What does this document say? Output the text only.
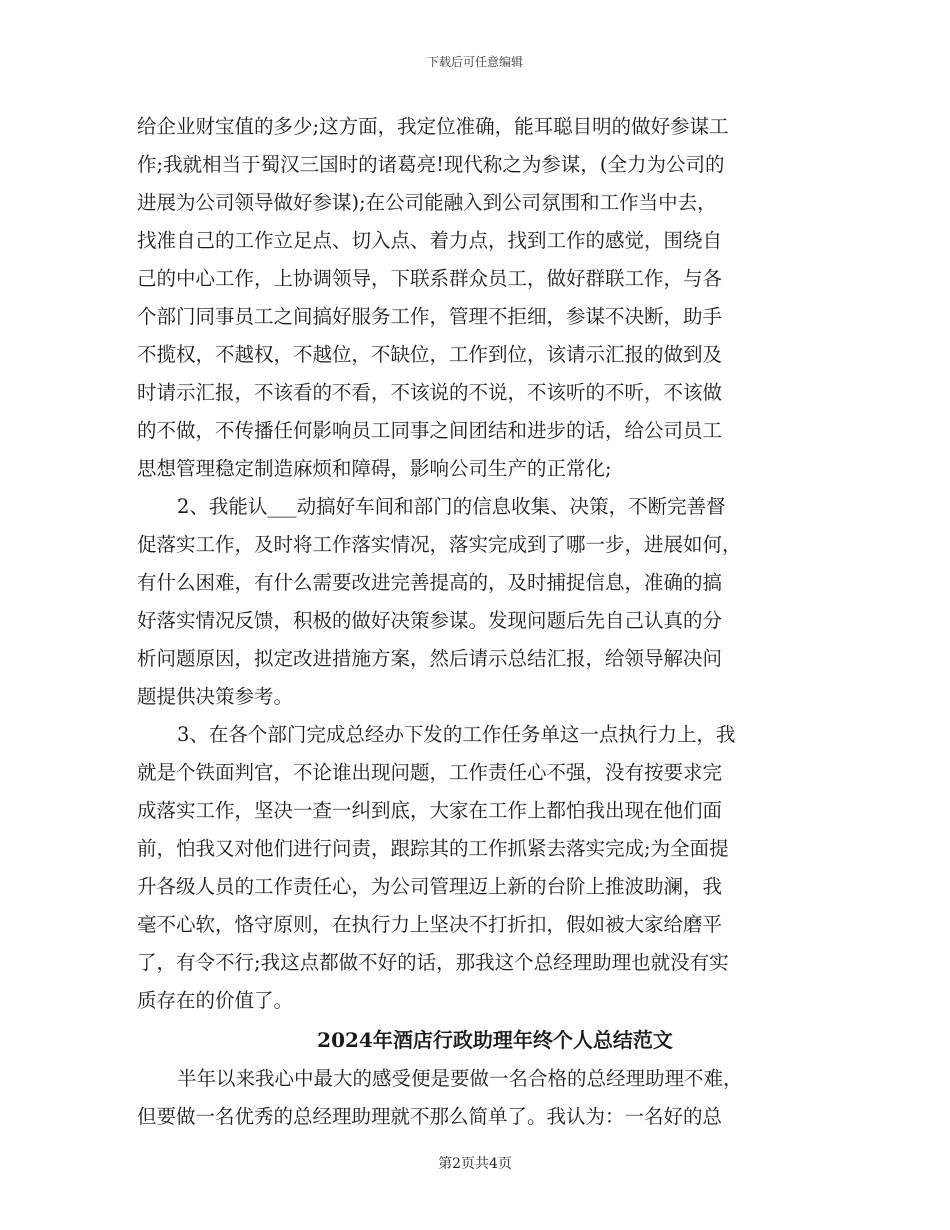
下载后可任意编辑
给企业财宝值的多少;这方面，我定位准确，能耳聪目明的做好参谋工
作;我就相当于蜀汉三国时的诸葛亮!现代称之为参谋，(全力为公司的
进展为公司领导做好参谋);在公司能融入到公司氛围和工作当中去，
找准自己的工作立足点、切入点、着力点，找到工作的感觉，围绕自
己的中心工作，上协调领导，下联系群众员工，做好群联工作，与各
个部门同事员工之间搞好服务工作，管理不拒细，参谋不决断，助手
不揽权，不越权，不越位，不缺位，工作到位，该请示汇报的做到及
时请示汇报，不该看的不看，不该说的不说，不该听的不听，不该做
的不做，不传播任何影响员工同事之间团结和进步的话，给公司员工
思想管理稳定制造麻烦和障碍，影响公司生产的正常化;
2、我能认___动搞好车间和部门的信息收集、决策，不断完善督
促落实工作，及时将工作落实情况，落实完成到了哪一步，进展如何，
有什么困难，有什么需要改进完善提高的，及时捕捉信息，准确的搞
好落实情况反馈，积极的做好决策参谋。发现问题后先自己认真的分
析问题原因，拟定改进措施方案，然后请示总结汇报，给领导解决问
题提供决策参考。
3、在各个部门完成总经办下发的工作任务单这一点执行力上，我
就是个铁面判官，不论谁出现问题，工作责任心不强，没有按要求完
成落实工作，坚决一查一纠到底，大家在工作上都怕我出现在他们面
前，怕我又对他们进行问责，跟踪其的工作抓紧去落实完成;为全面提
升各级人员的工作责任心，为公司管理迈上新的台阶上推波助澜，我
毫不心软，恪守原则，在执行力上坚决不打折扣，假如被大家给磨平
了，有令不行;我这点都做不好的话，那我这个总经理助理也就没有实
质存在的价值了。
2024年酒店行政助理年终个人总结范文
半年以来我心中最大的感受便是要做一名合格的总经理助理不难，
但要做一名优秀的总经理助理就不那么简单了。我认为：一名好的总
第2页共4页
